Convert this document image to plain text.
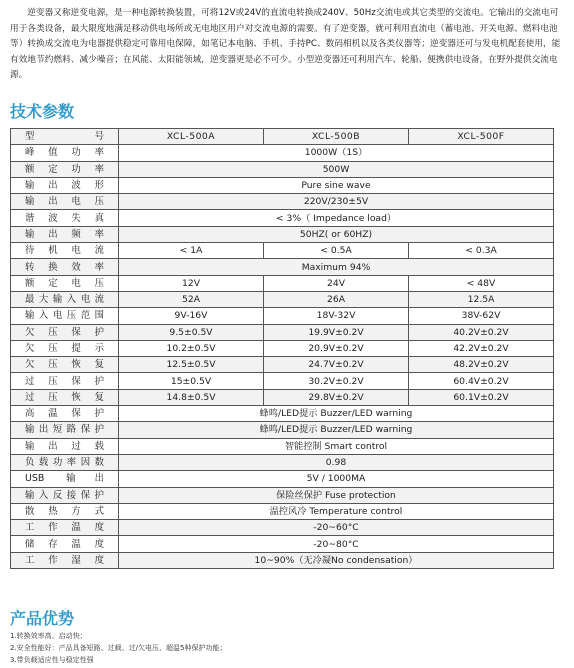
逆变器又称逆变电源，是一种电源转换装置，可将12V或24V的直流电转换成240V、50Hz交流电或其它类型的交流电。它输出的交流电可用于各类设备，最大限度地满足移动供电场所或无电地区用户对交流电源的需要。有了逆变器，就可利用直流电（蓄电池、开关电源、燃料电池等）转换成交流电为电器提供稳定可靠用电保障，如笔记本电脑、手机、手持PC、数码相机以及各类仪器等；逆变器还可与发电机配套使用，能有效地节约燃料、减少噪音；在风能、太阳能领域，逆变器更是必不可少。小型逆变器还可利用汽车、轮船、便携供电设备，在野外提供交流电源。
技术参数
型　号	XCL-500A	XCL-500B	XCL-500F
峰值功率	1000W（1S）		
额定功率	500W		
输出波形	Pure sine wave		
输出电压	220V/230±5V		
谐波失真	< 3%（ Impedance load）		
输出频率	50HZ( or 60HZ)		
待机电流	< 1A	< 0.5A	< 0.3A
转换效率	Maximum 94%		
额定电压	12V	24V	< 48V
最大输入电流	52A	26A	12.5A
输入电压范围	9V-16V	18V-32V	38V-62V
欠压保护	9.5±0.5V	19.9V±0.2V	40.2V±0.2V
欠压提示	10.2±0.5V	20.9V±0.2V	42.2V±0.2V
欠压恢复	12.5±0.5V	24.7V±0.2V	48.2V±0.2V
过压保护	15±0.5V	30.2V±0.2V	60.4V±0.2V
过压恢复	14.8±0.5V	29.8V±0.2V	60.1V±0.2V
高温保护	蜂鸣/LED提示 Buzzer/LED warning		
输出短路保护	蜂鸣/LED提示 Buzzer/LED warning		
输出过载	智能控制 Smart control		
负载功率因数	0.98		
USB 输出	5V / 1000MA		
输入反接保护	保险丝保护 Fuse protection		
散热方式	温控风冷 Temperature control		
工作温度	-20~60°C		
储存温度	-20~80°C		
工作湿度	10~90%（无冷凝No condensation）		
产品优势
1.转换效率高、启动快；
2.安全性能好：产品具备短路、过载、过/欠电压、超温5种保护功能；
3.带负载适应性与稳定性强
